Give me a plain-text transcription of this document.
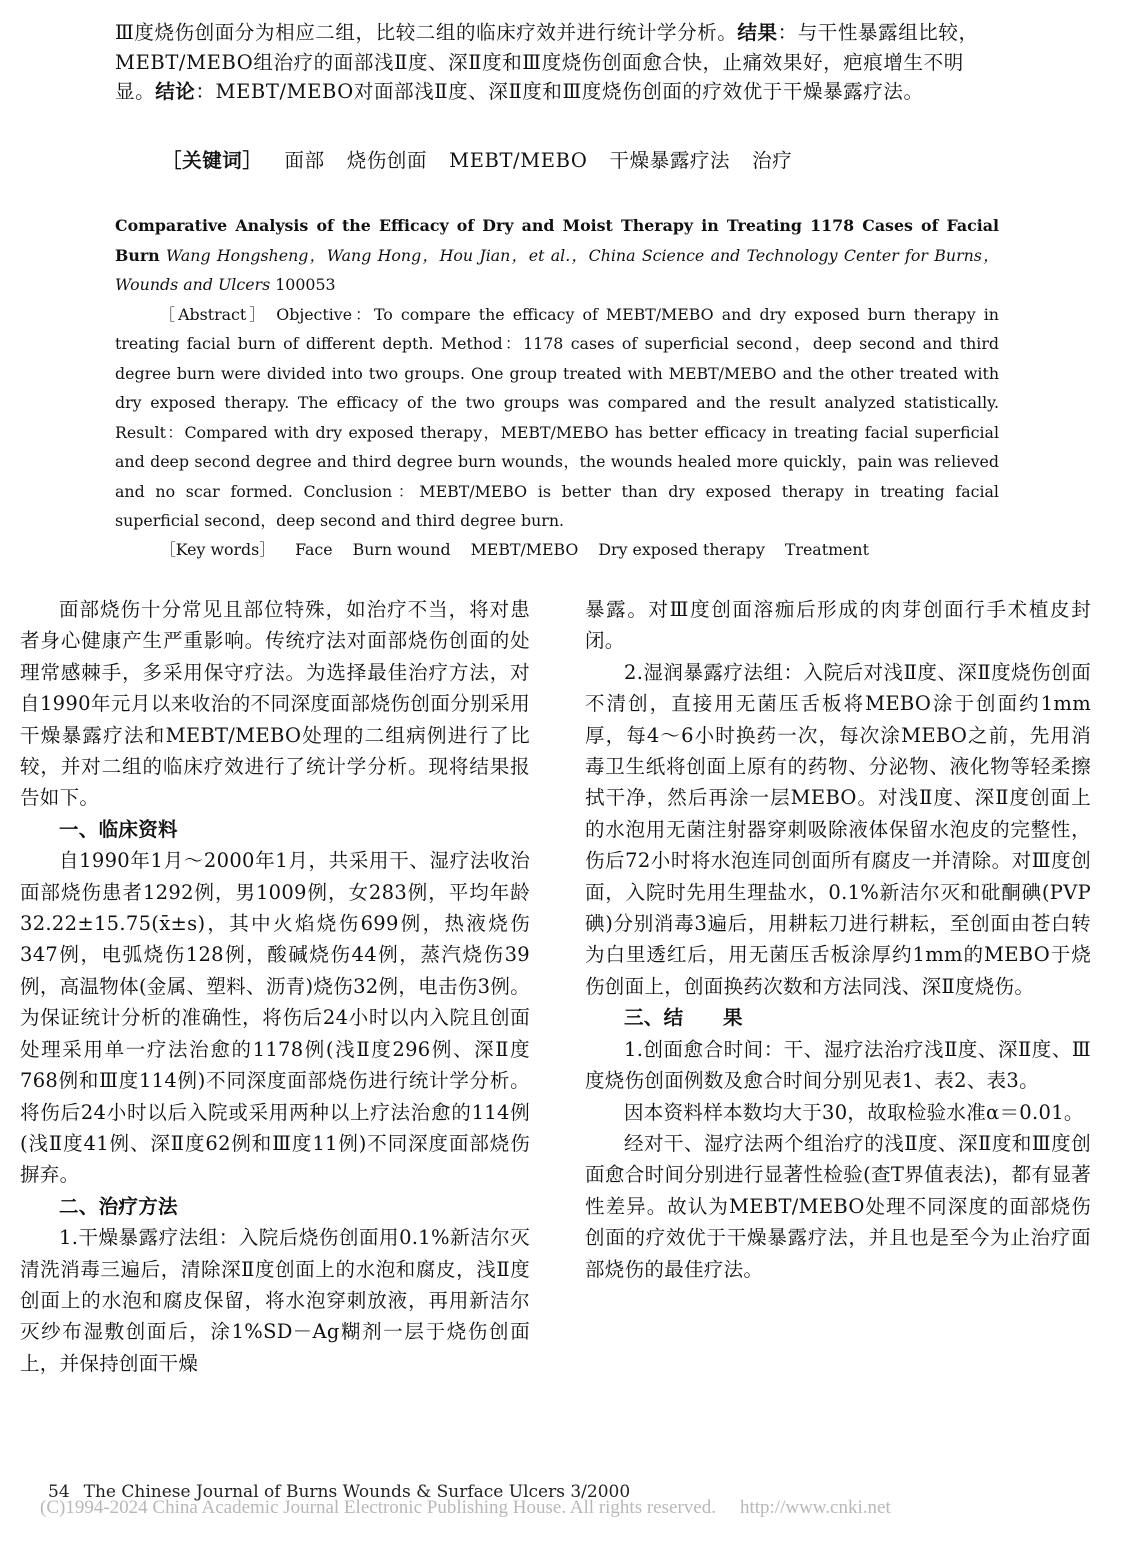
Ⅲ度烧伤创面分为相应二组，比较二组的临床疗效并进行统计学分析。结果：与干性暴露组比较，MEBT/MEBO组治疗的面部浅Ⅱ度、深Ⅱ度和Ⅲ度烧伤创面愈合快，止痛效果好，疤痕增生不明显。结论：MEBT/MEBO对面部浅Ⅱ度、深Ⅱ度和Ⅲ度烧伤创面的疗效优于干燥暴露疗法。
［关键词］ 面部 烧伤创面 MEBT/MEBO 干燥暴露疗法 治疗
Comparative Analysis of the Efficacy of Dry and Moist Therapy in Treating 1178 Cases of Facial Burn Wang Hongsheng，Wang Hong，Hou Jian，et al.，China Science and Technology Center for Burns，Wounds and Ulcers 100053
［Abstract］ Objective：To compare the efficacy of MEBT/MEBO and dry exposed burn therapy in treating facial burn of different depth. Method：1178 cases of superficial second，deep second and third degree burn were divided into two groups. One group treated with MEBT/MEBO and the other treated with dry exposed therapy. The efficacy of the two groups was compared and the result analyzed statistically. Result：Compared with dry exposed therapy，MEBT/MEBO has better efficacy in treating facial superficial and deep second degree and third degree burn wounds，the wounds healed more quickly，pain was relieved and no scar formed. Conclusion：MEBT/MEBO is better than dry exposed therapy in treating facial superficial second，deep second and third degree burn.
［Key words］ Face Burn wound MEBT/MEBO Dry exposed therapy Treatment

面部烧伤十分常见且部位特殊，如治疗不当，将对患者身心健康产生严重影响。传统疗法对面部烧伤创面的处理常感棘手，多采用保守疗法。为选择最佳治疗方法，对自1990年元月以来收治的不同深度面部烧伤创面分别采用干燥暴露疗法和MEBT/MEBO处理的二组病例进行了比较，并对二组的临床疗效进行了统计学分析。现将结果报告如下。

一、临床资料

自1990年1月～2000年1月，共采用干、湿疗法收治面部烧伤患者1292例，男1009例，女283例，平均年龄32.22±15.75(x̄±s)，其中火焰烧伤699例，热液烧伤347例，电弧烧伤128例，酸碱烧伤44例，蒸汽烧伤39例，高温物体(金属、塑料、沥青)烧伤32例，电击伤3例。为保证统计分析的准确性，将伤后24小时以内入院且创面处理采用单一疗法治愈的1178例(浅Ⅱ度296例、深Ⅱ度768例和Ⅲ度114例)不同深度面部烧伤进行统计学分析。将伤后24小时以后入院或采用两种以上疗法治愈的114例(浅Ⅱ度41例、深Ⅱ度62例和Ⅲ度11例)不同深度面部烧伤摒弃。

二、治疗方法

1.干燥暴露疗法组：入院后烧伤创面用0.1%新洁尔灭清洗消毒三遍后，清除深Ⅱ度创面上的水泡和腐皮，浅Ⅱ度创面上的水泡和腐皮保留，将水泡穿刺放液，再用新洁尔灭纱布湿敷创面后，涂1%SD－Ag糊剂一层于烧伤创面上，并保持创面干燥

暴露。对Ⅲ度创面溶痂后形成的肉芽创面行手术植皮封闭。

2.湿润暴露疗法组：入院后对浅Ⅱ度、深Ⅱ度烧伤创面不清创，直接用无菌压舌板将MEBO涂于创面约1mm厚，每4～6小时换药一次，每次涂MEBO之前，先用消毒卫生纸将创面上原有的药物、分泌物、液化物等轻柔擦拭干净，然后再涂一层MEBO。对浅Ⅱ度、深Ⅱ度创面上的水泡用无菌注射器穿刺吸除液体保留水泡皮的完整性，伤后72小时将水泡连同创面所有腐皮一并清除。对Ⅲ度创面，入院时先用生理盐水，0.1%新洁尔灭和砒酮碘(PVP碘)分别消毒3遍后，用耕耘刀进行耕耘，至创面由苍白转为白里透红后，用无菌压舌板涂厚约1mm的MEBO于烧伤创面上，创面换药次数和方法同浅、深Ⅱ度烧伤。

三、结　　果

1.创面愈合时间：干、湿疗法治疗浅Ⅱ度、深Ⅱ度、Ⅲ度烧伤创面例数及愈合时间分别见表1、表2、表3。

因本资料样本数均大于30，故取检验水准α＝0.01。

经对干、湿疗法两个组治疗的浅Ⅱ度、深Ⅱ度和Ⅲ度创面愈合时间分别进行显著性检验(查T界值表法)，都有显著性差异。故认为MEBT/MEBO处理不同深度的面部烧伤创面的疗效优于干燥暴露疗法，并且也是至今为止治疗面部烧伤的最佳疗法。

54 The Chinese Journal of Burns Wounds & Surface Ulcers 3/2000
(C)1994-2024 China Academic Journal Electronic Publishing House. All rights reserved. http://www.cnki.net
